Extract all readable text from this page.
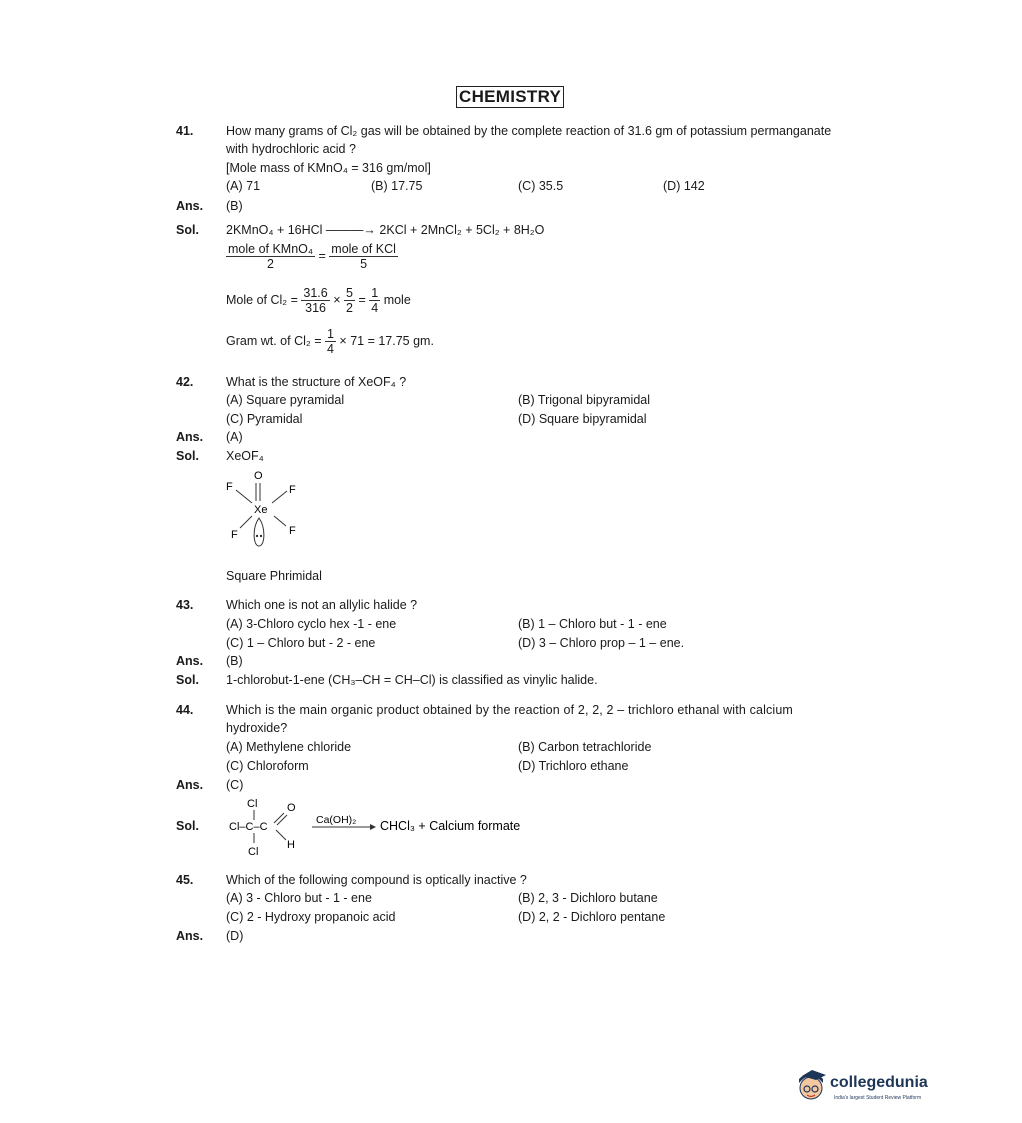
CHEMISTRY
41.	How many grams of Cl₂ gas will be obtained by the complete reaction of 31.6 gm of potassium permanganate
with hydrochloric acid ?
[Mole mass of KMnO₄ = 316 gm/mol]
(A) 71	(B) 17.75	(C) 35.5	(D) 142
Ans. (B)
Sol. 2KMnO₄ + 16HCl ———→ 2KCl + 2MnCl₂ + 5Cl₂ + 8H₂O
$\frac{\text{mole of KMnO₄}}{2} = \frac{\text{mole of KCl}}{5}$
Mole of $Cl_2 = \frac{31.6}{316} \times \frac{5}{2} = \frac{1}{4}$ mole
Gram wt. of $Cl_2 = \frac{1}{4} \times 71 = 17.75$ gm.
42.	What is the structure of XeOF₄ ?
(A) Square pyramidal	(B) Trigonal bipyramidal
(C) Pyramidal	(D) Square bipyramidal
Ans. (A)
Sol. XeOF₄
O
Xe
F	F
F	F
Square Phrimidal
43.	Which one is not an allylic halide ?
(A) 3-Chloro cyclo hex -1 - ene	(B) 1 – Chloro but - 1 - ene
(C) 1 – Chloro but - 2 - ene	(D) 3 – Chloro prop – 1 – ene.
Ans. (B)
Sol. 1-chlorobut-1-ene (CH₃–CH = CH–Cl) is classified as vinylic halide.
44.	Which is the main organic product obtained by the reaction of 2, 2, 2 – trichloro ethanal with calcium
hydroxide?
(A) Methylene chloride	(B) Carbon tetrachloride
(C) Chloroform	(D) Trichloro ethane
Ans. (C)
Sol.
Cl
Cl–C–C
Cl
O
H
Ca(OH)₂ CHCl₃ + Calcium formate
45.	Which of the following compound is optically inactive ?
(A) 3 - Chloro but - 1 - ene	(B) 2, 3 - Dichloro butane
(C) 2 - Hydroxy propanoic acid	(D) 2, 2 - Dichloro pentane
Ans. (D)
collegedunia
India's largest Student Review Platform
